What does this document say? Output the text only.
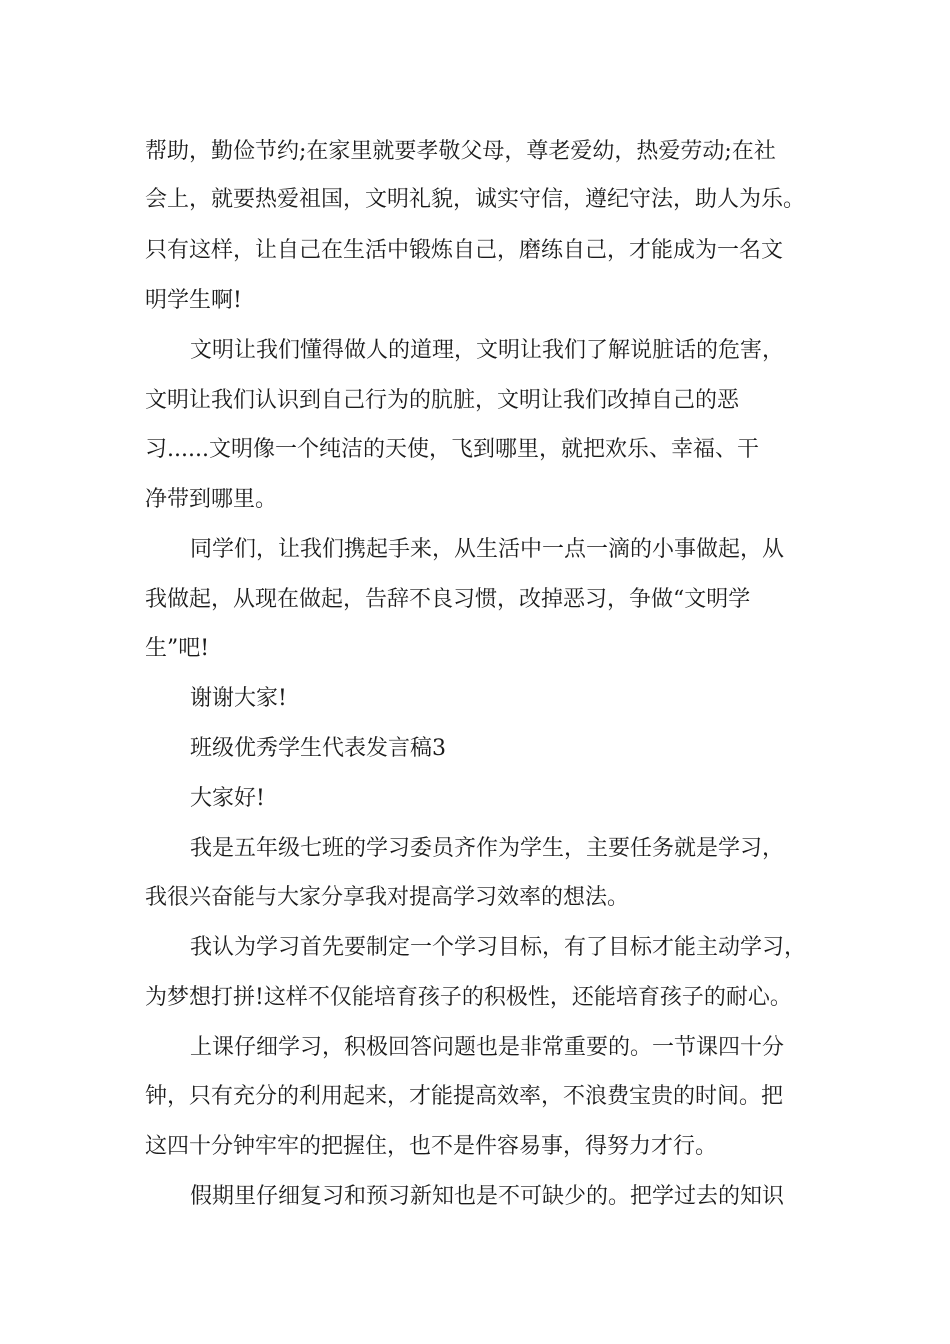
帮助，勤俭节约;在家里就要孝敬父母，尊老爱幼，热爱劳动;在社
会上，就要热爱祖国，文明礼貌，诚实守信，遵纪守法，助人为乐。
只有这样，让自己在生活中锻炼自己，磨练自己，才能成为一名文
明学生啊!
文明让我们懂得做人的道理，文明让我们了解说脏话的危害，
文明让我们认识到自己行为的肮脏，文明让我们改掉自己的恶
习......文明像一个纯洁的天使，飞到哪里，就把欢乐、幸福、干
净带到哪里。
同学们，让我们携起手来，从生活中一点一滴的小事做起，从
我做起，从现在做起，告辞不良习惯，改掉恶习，争做“文明学
生”吧!
谢谢大家!
班级优秀学生代表发言稿3
大家好!
我是五年级七班的学习委员齐作为学生，主要任务就是学习，
我很兴奋能与大家分享我对提高学习效率的想法。
我认为学习首先要制定一个学习目标，有了目标才能主动学习，
为梦想打拼!这样不仅能培育孩子的积极性，还能培育孩子的耐心。
上课仔细学习，积极回答问题也是非常重要的。一节课四十分
钟，只有充分的利用起来，才能提高效率，不浪费宝贵的时间。把
这四十分钟牢牢的把握住，也不是件容易事，得努力才行。
假期里仔细复习和预习新知也是不可缺少的。把学过去的知识
